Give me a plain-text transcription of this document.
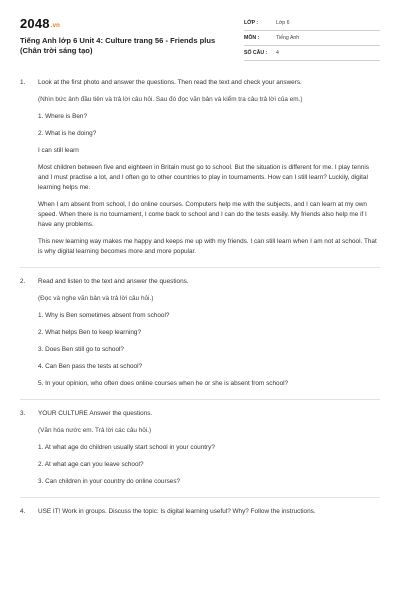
2048.vn
Tiếng Anh lớp 6 Unit 4: Culture trang 56 - Friends plus
(Chân trời sáng tạo)
LỚP :	Lớp 6
MÔN :	Tiếng Anh
SỐ CÂU :	4
1.	Look at the first photo and answer the questions. Then read the text and check your answers.
(Nhìn bức ảnh đầu tiên và trả lời câu hỏi. Sau đó đọc văn bản và kiểm tra câu trả lời của em.)
1. Where is Ben?
2. What is he doing?
I can still learn
Most children between five and eighteen in Britain must go to school. But the situation is different for me. I play tennis and I must practise a lot, and I often go to other countries to play in tournaments. How can I still learn? Luckily, digital learning helps me.
When I am absent from school, I do online courses. Computers help me with the subjects, and I can learn at my own speed. When there is no tournament, I come back to school and I can do the tests easily. My friends also help me if I have any problems.
This new learning way makes me happy and keeps me up with my friends. I can still learn when I am not at school. That is why digital learning becomes more and more popular.
2.	Read and listen to the text and answer the questions.
(Đọc và nghe văn bản và trả lời câu hỏi.)
1. Why is Ben sometimes absent from school?
2. What helps Ben to keep learning?
3. Does Ben still go to school?
4. Can Ben pass the tests at school?
5. In your opinion, who often does online courses when he or she is absent from school?
3.	YOUR CULTURE Answer the questions.
(Văn hóa nước em. Trả lời các câu hỏi.)
1. At what age do children usually start school in your country?
2. At what age can you leave school?
3. Can children in your country do online courses?
4.	USE IT! Work in groups. Discuss the topic: Is digital learning useful? Why? Follow the instructions.
